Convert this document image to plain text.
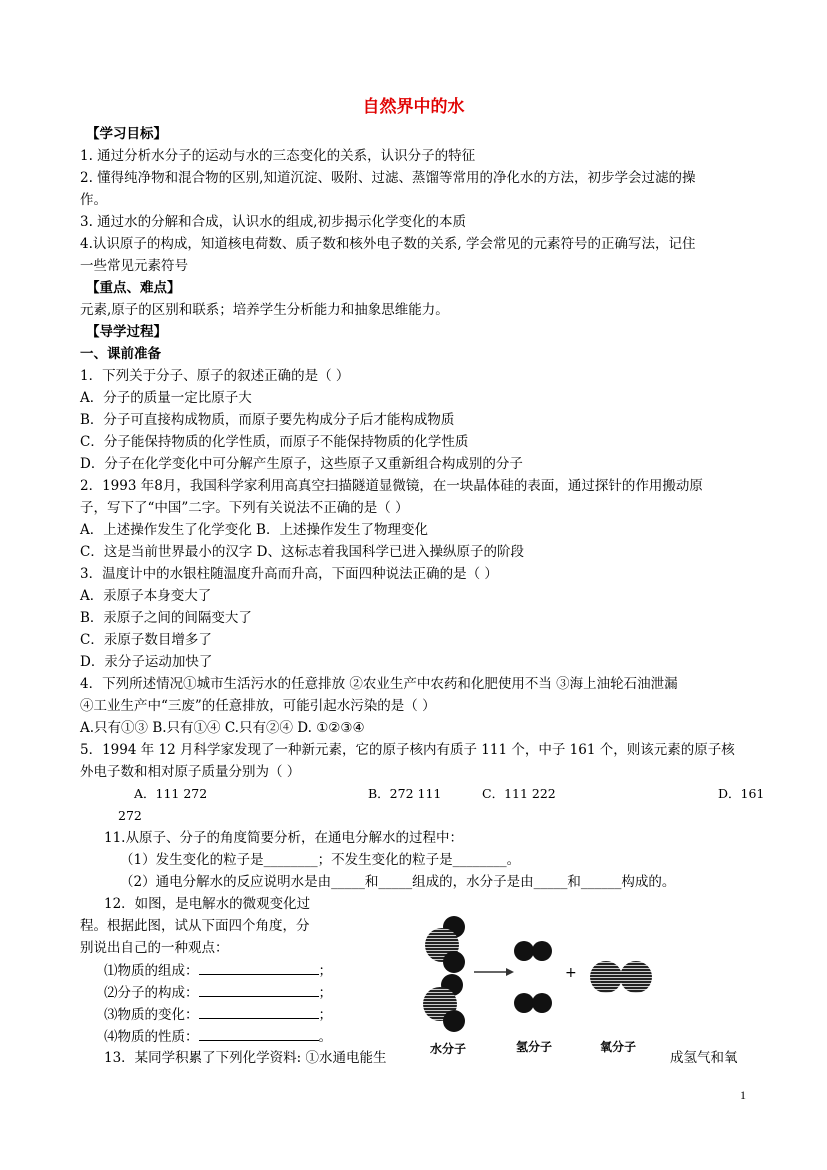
自然界中的水
【学习目标】
1. 通过分析水分子的运动与水的三态变化的关系，认识分子的特征
2. 懂得纯净物和混合物的区别,知道沉淀、吸附、过滤、蒸馏等常用的净化水的方法，初步学会过滤的操
作。
3. 通过水的分解和合成，认识水的组成,初步揭示化学变化的本质
4.认识原子的构成，知道核电荷数、质子数和核外电子数的关系, 学会常见的元素符号的正确写法，记住
一些常见元素符号
【重点、难点】
元素,原子的区别和联系；培养学生分析能力和抽象思维能力。
【导学过程】
一、课前准备
1．下列关于分子、原子的叙述正确的是（ ）
A．分子的质量一定比原子大
B．分子可直接构成物质，而原子要先构成分子后才能构成物质
C．分子能保持物质的化学性质，而原子不能保持物质的化学性质
D．分子在化学变化中可分解产生原子，这些原子又重新组合构成别的分子
2．1993 年8月，我国科学家利用高真空扫描隧道显微镜，在一块晶体硅的表面，通过探针的作用搬动原
子，写下了“中国”二字。下列有关说法不正确的是（ ）
A．上述操作发生了化学变化 B．上述操作发生了物理变化
C．这是当前世界最小的汉字 D、这标志着我国科学已进入操纵原子的阶段
3．温度计中的水银柱随温度升高而升高，下面四种说法正确的是（ ）
A．汞原子本身变大了
B．汞原子之间的间隔变大了
C．汞原子数目增多了
D．汞分子运动加快了
4．下列所述情况①城市生活污水的任意排放 ②农业生产中农药和化肥使用不当 ③海上油轮石油泄漏
④工业生产中“三废”的任意排放，可能引起水污染的是（ ）
A.只有①③ B.只有①④ C.只有②④ D. ①②③④
5．1994 年 12 月科学家发现了一种新元素，它的原子核内有质子 111 个，中子 161 个，则该元素的原子核
外电子数和相对原子质量分别为（ ）
A．111 272	B．272 111	C．111 222	D．161
272
11.从原子、分子的角度简要分析，在通电分解水的过程中：
（1）发生变化的粒子是________；不发生变化的粒子是________。
（2）通电分解水的反应说明水是由_____和_____组成的，水分子是由_____和______构成的。
12．如图，是电解水的微观变化过
程。根据此图，试从下面四个角度，分
别说出自己的一种观点：
⑴物质的组成：	；
⑵分子的构成：	；
⑶物质的变化：	；
⑷物质的性质：	。
13．某同学积累了下列化学资料: ①水通电能生	成氢气和氧
+
水分子	氢分子	氧分子
1
